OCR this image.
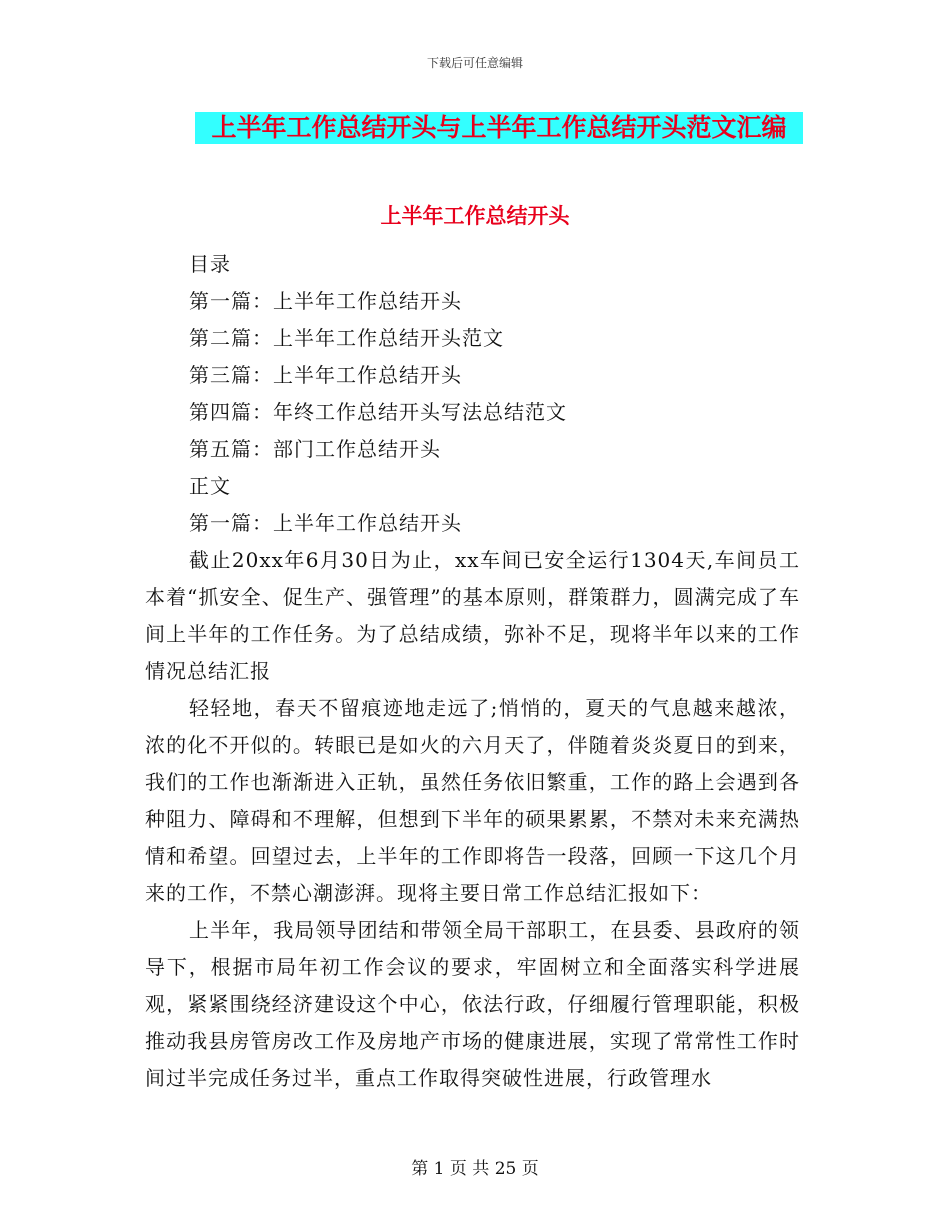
下载后可任意编辑
上半年工作总结开头与上半年工作总结开头范文汇编
上半年工作总结开头
目录
第一篇：上半年工作总结开头
第二篇：上半年工作总结开头范文
第三篇：上半年工作总结开头
第四篇：年终工作总结开头写法总结范文
第五篇：部门工作总结开头
正文
第一篇：上半年工作总结开头

截止20xx年6月30日为止，xx车间已安全运行1304天,车间员工本着“抓安全、促生产、强管理”的基本原则，群策群力，圆满完成了车间上半年的工作任务。为了总结成绩，弥补不足，现将半年以来的工作情况总结汇报

轻轻地，春天不留痕迹地走远了;悄悄的，夏天的气息越来越浓，浓的化不开似的。转眼已是如火的六月天了，伴随着炎炎夏日的到来，我们的工作也渐渐进入正轨，虽然任务依旧繁重，工作的路上会遇到各种阻力、障碍和不理解，但想到下半年的硕果累累，不禁对未来充满热情和希望。回望过去，上半年的工作即将告一段落，回顾一下这几个月来的工作，不禁心潮澎湃。现将主要日常工作总结汇报如下：

上半年，我局领导团结和带领全局干部职工，在县委、县政府的领导下，根据市局年初工作会议的要求，牢固树立和全面落实科学进展观，紧紧围绕经济建设这个中心，依法行政，仔细履行管理职能，积极推动我县房管房改工作及房地产市场的健康进展，实现了常常性工作时间过半完成任务过半，重点工作取得突破性进展，行政管理水

第 1 页 共 25 页
